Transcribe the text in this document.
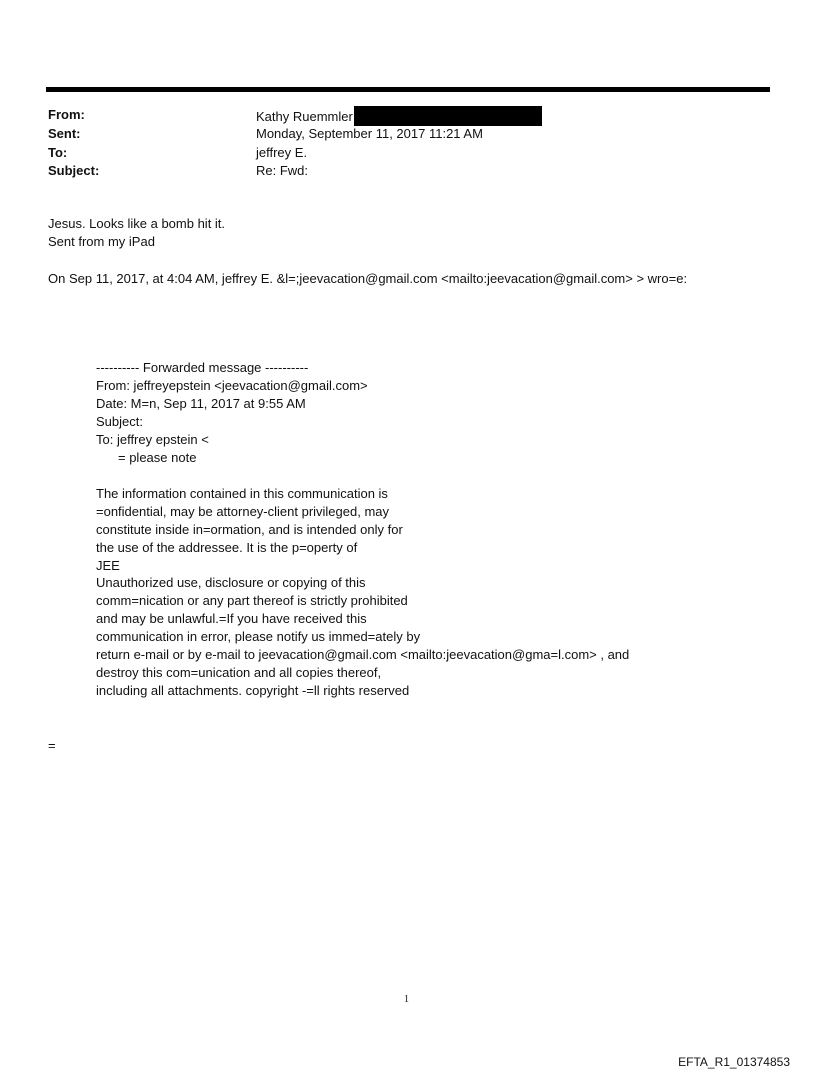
From:	Kathy Ruemmler
Sent:	Monday, September 11, 2017 11:21 AM
To:	jeffrey E.
Subject:	Re: Fwd:
Jesus. Looks like a bomb hit it.
Sent from my iPad
On Sep 11, 2017, at 4:04 AM, jeffrey E. &l=;jeevacation@gmail.com <mailto:jeevacation@gmail.com> > wro=e:
---------- Forwarded message ----------
From: jeffreyepstein <jeevacation@gmail.com>
Date: M=n, Sep 11, 2017 at 9:55 AM
Subject:
To: jeffrey epstein <
= please note
The information contained in this communication is
=onfidential, may be attorney-client privileged, may
constitute inside in=ormation, and is intended only for
the use of the addressee. It is the p=operty of
JEE
Unauthorized use, disclosure or copying of this
comm=nication or any part thereof is strictly prohibited
and may be unlawful.=If you have received this
communication in error, please notify us immed=ately by
return e-mail or by e-mail to jeevacation@gmail.com <mailto:jeevacation@gma=l.com> , and
destroy this com=unication and all copies thereof,
including all attachments. copyright -=ll rights reserved
=
1
EFTA_R1_01374853
